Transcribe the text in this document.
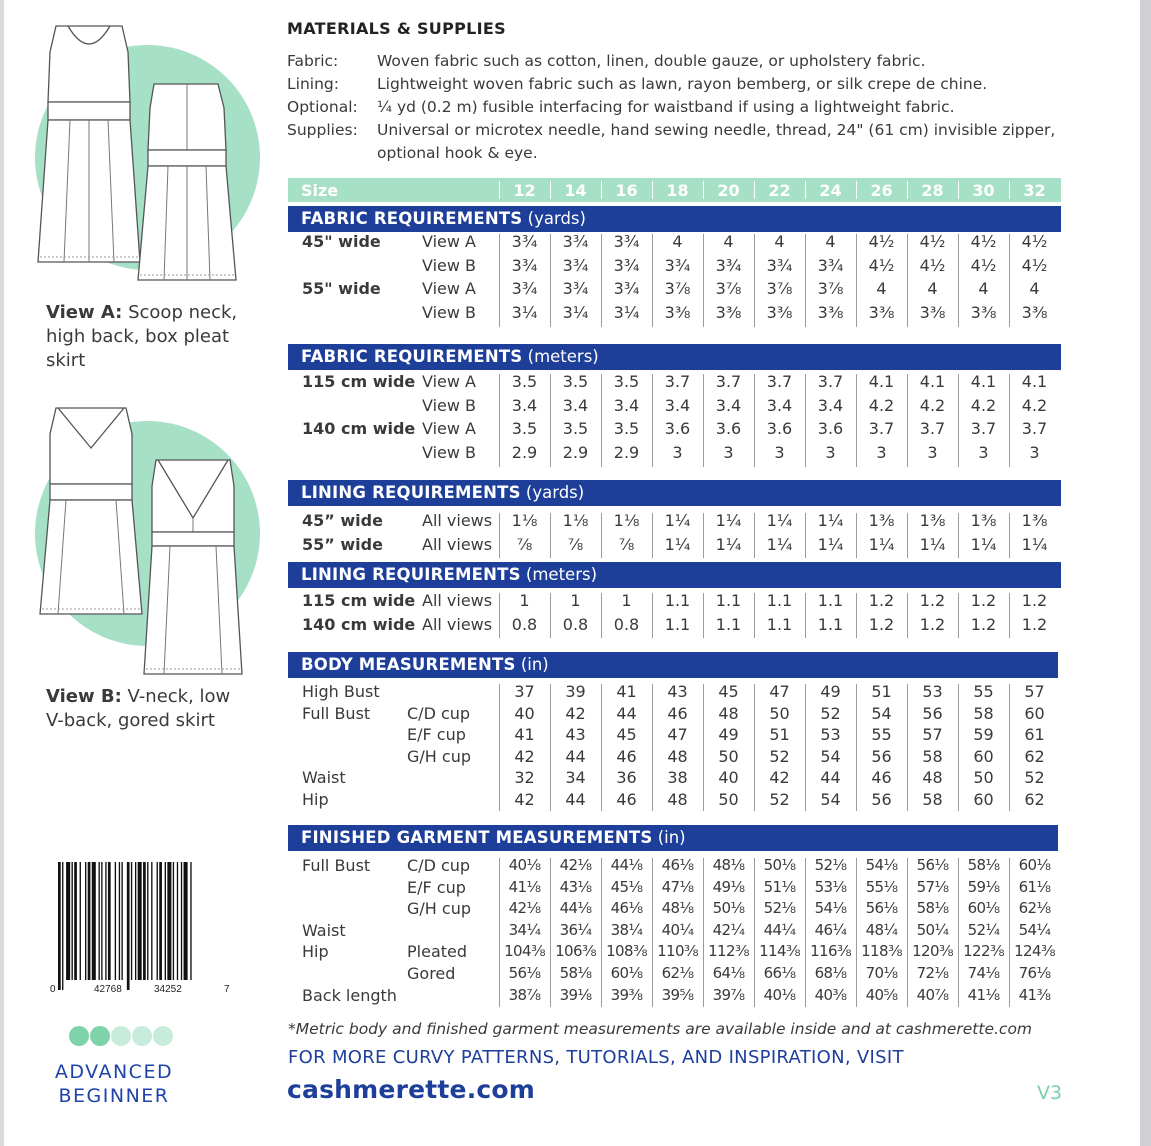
View A: Scoop neck,
high back, box pleat
skirt
View B: V-neck, low
V-back, gored skirt
0	42768	34252	7
ADVANCED
BEGINNER
MATERIALS & SUPPLIES
Fabric:	Woven fabric such as cotton, linen, double gauze, or upholstery fabric.
Lining:	Lightweight woven fabric such as lawn, rayon bemberg, or silk crepe de chine.
Optional:	¼ yd (0.2 m) fusible interfacing for waistband if using a lightweight fabric.
Supplies:	Universal or microtex needle, hand sewing needle, thread, 24" (61 cm) invisible zipper, optional hook & eye.
Size	12	14	16	18	20	22	24	26	28	30	32
FABRIC REQUIREMENTS (yards)
45" wide	View A	3¾	3¾	3¾	4	4	4	4	4½	4½	4½	4½
View B	3¾	3¾	3¾	3¾	3¾	3¾	3¾	4½	4½	4½	4½
55" wide	View A	3¾	3¾	3¾	3⅞	3⅞	3⅞	3⅞	4	4	4	4
View B	3¼	3¼	3¼	3⅜	3⅜	3⅜	3⅜	3⅜	3⅜	3⅜	3⅜
FABRIC REQUIREMENTS (meters)
115 cm wide View A	3.5	3.5	3.5	3.7	3.7	3.7	3.7	4.1	4.1	4.1	4.1
View B	3.4	3.4	3.4	3.4	3.4	3.4	3.4	4.2	4.2	4.2	4.2
140 cm wide View A	3.5	3.5	3.5	3.6	3.6	3.6	3.6	3.7	3.7	3.7	3.7
View B	2.9	2.9	2.9	3	3	3	3	3	3	3	3
LINING REQUIREMENTS (yards)
45” wide All views	1⅛	1⅛	1⅛	1¼	1¼	1¼	1¼	1⅜	1⅜	1⅜	1⅜
55” wide All views	⅞	⅞	⅞	1¼	1¼	1¼	1¼	1¼	1¼	1¼	1¼
LINING REQUIREMENTS (meters)
115 cm wide All views	1	1	1	1.1	1.1	1.1	1.1	1.2	1.2	1.2	1.2
140 cm wide All views	0.8	0.8	0.8	1.1	1.1	1.1	1.1	1.2	1.2	1.2	1.2
BODY MEASUREMENTS (in)
High Bust	37	39	41	43	45	47	49	51	53	55	57
Full Bust C/D cup	40	42	44	46	48	50	52	54	56	58	60
E/F cup	41	43	45	47	49	51	53	55	57	59	61
G/H cup	42	44	46	48	50	52	54	56	58	60	62
Waist	32	34	36	38	40	42	44	46	48	50	52
Hip	42	44	46	48	50	52	54	56	58	60	62
FINISHED GARMENT MEASUREMENTS (in)
Full Bust C/D cup	40⅛	42⅛	44⅛	46⅛	48⅛	50⅛	52⅛	54⅛	56⅛	58⅛	60⅛
E/F cup	41⅛	43⅛	45⅛	47⅛	49⅛	51⅛	53⅛	55⅛	57⅛	59⅛	61⅛
G/H cup	42⅛	44⅛	46⅛	48⅛	50⅛	52⅛	54⅛	56⅛	58⅛	60⅛	62⅛
Waist	34¼	36¼	38¼	40¼	42¼	44¼	46¼	48¼	50¼	52¼	54¼
Hip	Pleated	104⅜ 106⅜ 108⅜ 110⅜ 112⅜ 114⅜ 116⅜ 118⅜ 120⅜ 122⅜ 124⅜
Gored	56⅛	58⅛	60⅛	62⅛	64⅛	66⅛	68⅛	70⅛	72⅛	74⅛	76⅛
Back length	38⅞	39⅛	39⅜	39⅝	39⅞	40⅛	40⅜	40⅝	40⅞	41⅛	41⅜
*Metric body and finished garment measurements are available inside and at cashmerette.com
FOR MORE CURVY PATTERNS, TUTORIALS, AND INSPIRATION, VISIT
cashmerette.com	V3
